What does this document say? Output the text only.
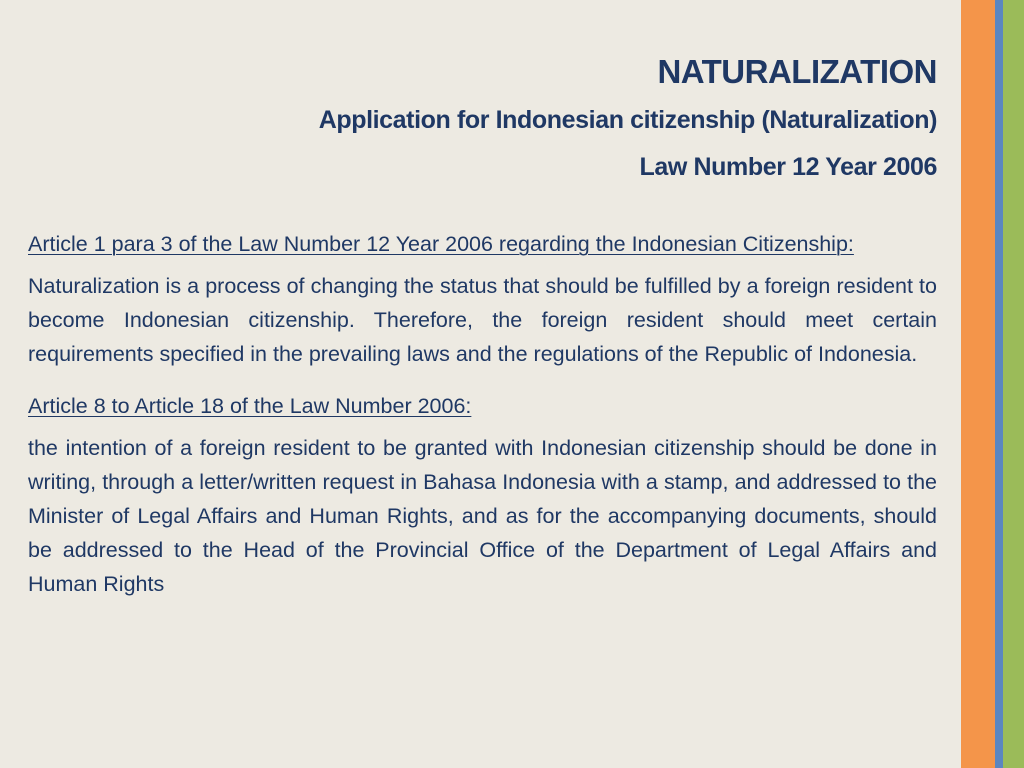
NATURALIZATION
Application for Indonesian citizenship (Naturalization)
Law Number 12 Year 2006

Article 1 para 3 of the Law Number 12 Year 2006 regarding the Indonesian Citizenship:

Naturalization is a process of changing the status that should be fulfilled by a foreign resident to become Indonesian citizenship. Therefore, the foreign resident should meet certain requirements specified in the prevailing laws and the regulations of the Republic of Indonesia.

Article 8 to Article 18 of the Law Number 2006:

the intention of a foreign resident to be granted with Indonesian citizenship should be done in writing, through a letter/written request in Bahasa Indonesia with a stamp, and addressed to the Minister of Legal Affairs and Human Rights, and as for the accompanying documents, should be addressed to the Head of the Provincial Office of the Department of Legal Affairs and Human Rights
